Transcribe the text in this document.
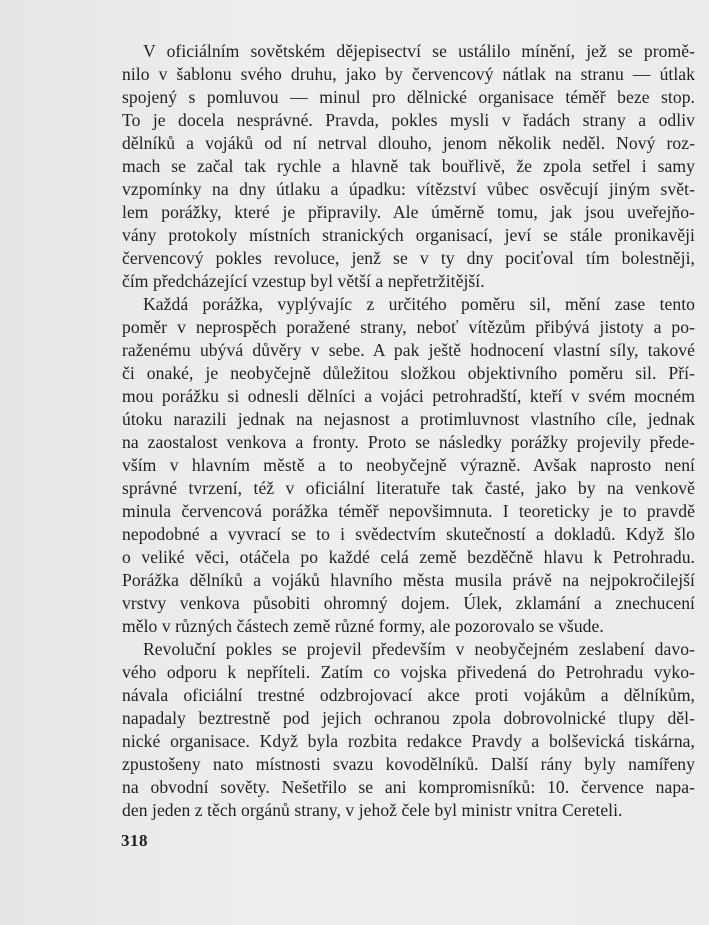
V oficiálním sovětském dějepisectví se ustálilo mínění, jež se promě-
nilo v šablonu svého druhu, jako by červencový nátlak na stranu — útlak
spojený s pomluvou — minul pro dělnické organisace téměř beze stop.
To je docela nesprávné. Pravda, pokles mysli v řadách strany a odliv
dělníků a vojáků od ní netrval dlouho, jenom několik neděl. Nový roz-
mach se začal tak rychle a hlavně tak bouřlivě, že zpola setřel i samy
vzpomínky na dny útlaku a úpadku: vítězství vůbec osvěcují jiným svět-
lem porážky, které je připravily. Ale úměrně tomu, jak jsou uveřejňo-
vány protokoly místních stranických organisací, jeví se stále pronikavěji
červencový pokles revoluce, jenž se v ty dny pociťoval tím bolestněji,
čím předcházející vzestup byl větší a nepřetržitější.
Každá porážka, vyplývajíc z určitého poměru sil, mění zase tento
poměr v neprospěch poražené strany, neboť vítězům přibývá jistoty a po-
raženému ubývá důvěry v sebe. A pak ještě hodnocení vlastní síly, takové
či onaké, je neobyčejně důležitou složkou objektivního poměru sil. Pří-
mou porážku si odnesli dělníci a vojáci petrohradští, kteří v svém mocném
útoku narazili jednak na nejasnost a protimluvnost vlastního cíle, jednak
na zaostalost venkova a fronty. Proto se následky porážky projevily přede-
vším v hlavním městě a to neobyčejně výrazně. Avšak naprosto není
správné tvrzení, též v oficiální literatuře tak časté, jako by na venkově
minula červencová porážka téměř nepovšimnuta. I teoreticky je to pravdě
nepodobné a vyvrací se to i svědectvím skutečností a dokladů. Když šlo
o veliké věci, otáčela po každé celá země bezděčně hlavu k Petrohradu.
Porážka dělníků a vojáků hlavního města musila právě na nejpokročilejší
vrstvy venkova působiti ohromný dojem. Úlek, zklamání a znechucení
mělo v různých částech země různé formy, ale pozorovalo se všude.
Revoluční pokles se projevil především v neobyčejném zeslabení davo-
vého odporu k nepříteli. Zatím co vojska přivedená do Petrohradu vyko-
návala oficiální trestné odzbrojovací akce proti vojákům a dělníkům,
napadaly beztrestně pod jejich ochranou zpola dobrovolnické tlupy děl-
nické organisace. Když byla rozbita redakce Pravdy a bolševická tiskárna,
zpustošeny nato místnosti svazu kovodělníků. Další rány byly namířeny
na obvodní sověty. Nešetřilo se ani kompromisníků: 10. července napa-
den jeden z těch orgánů strany, v jehož čele byl ministr vnitra Cereteli.
318
